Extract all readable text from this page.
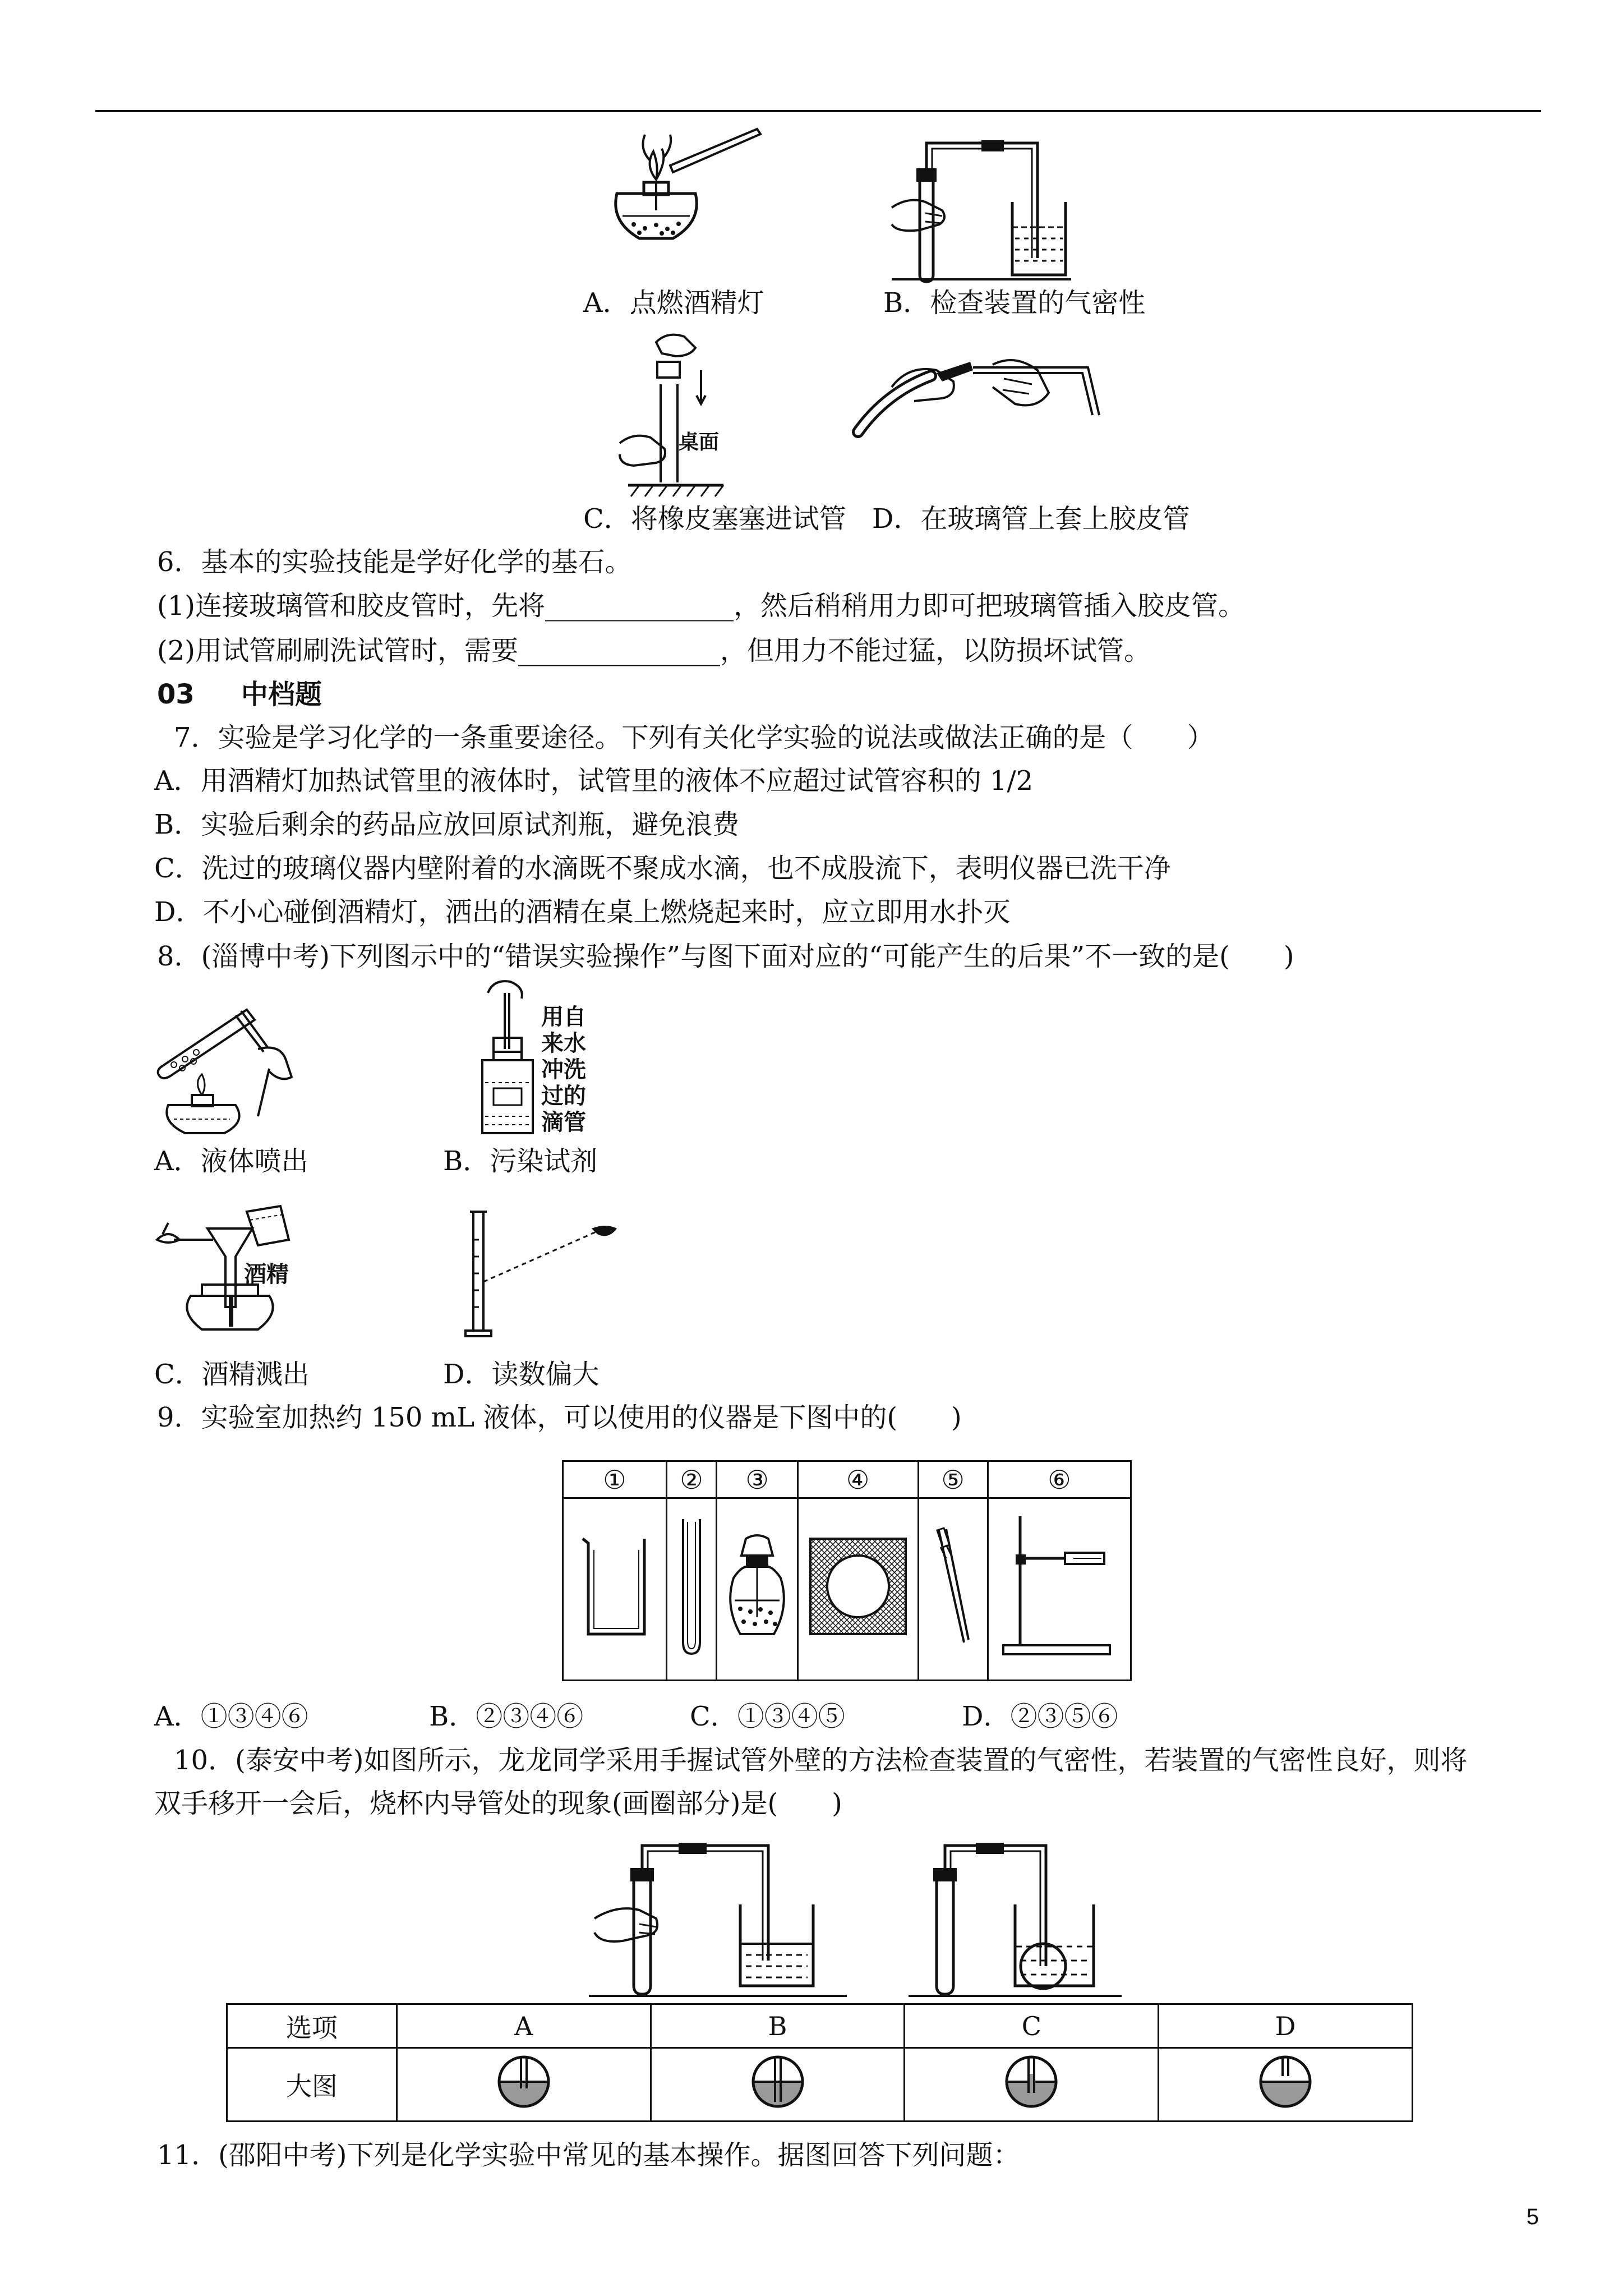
A．点燃酒精灯	B．检查装置的气密性
桌面
C．将橡皮塞塞进试管 D．在玻璃管上套上胶皮管
6．基本的实验技能是学好化学的基石。
(1)连接玻璃管和胶皮管时，先将______________，然后稍稍用力即可把玻璃管插入胶皮管。
(2)用试管刷刷洗试管时，需要_______________，但用力不能过猛，以防损坏试管。
03 中档题
7．实验是学习化学的一条重要途径。下列有关化学实验的说法或做法正确的是（　　）
A．用酒精灯加热试管里的液体时，试管里的液体不应超过试管容积的 1/2
B．实验后剩余的药品应放回原试剂瓶，避免浪费
C．洗过的玻璃仪器内壁附着的水滴既不聚成水滴，也不成股流下，表明仪器已洗干净
D．不小心碰倒酒精灯，洒出的酒精在桌上燃烧起来时，应立即用水扑灭
8．(淄博中考)下列图示中的“错误实验操作”与图下面对应的“可能产生的后果”不一致的是(　　)
A．液体喷出
用自
来水
冲洗
过的
滴管
B．污染试剂
酒精
C．酒精溅出	D．读数偏大
9．实验室加热约 150 mL 液体，可以使用的仪器是下图中的(　　)
①	②	③	④	⑤	⑥

A．①③④⑥	B．②③④⑥	C．①③④⑤	D．②③⑤⑥
10．(泰安中考)如图所示，龙龙同学采用手握试管外壁的方法检查装置的气密性，若装置的气密性良好，则将
双手移开一会后，烧杯内导管处的现象(画圈部分)是(　　)
选项	A	B	C	D
大图				
11．(邵阳中考)下列是化学实验中常见的基本操作。据图回答下列问题：
5
